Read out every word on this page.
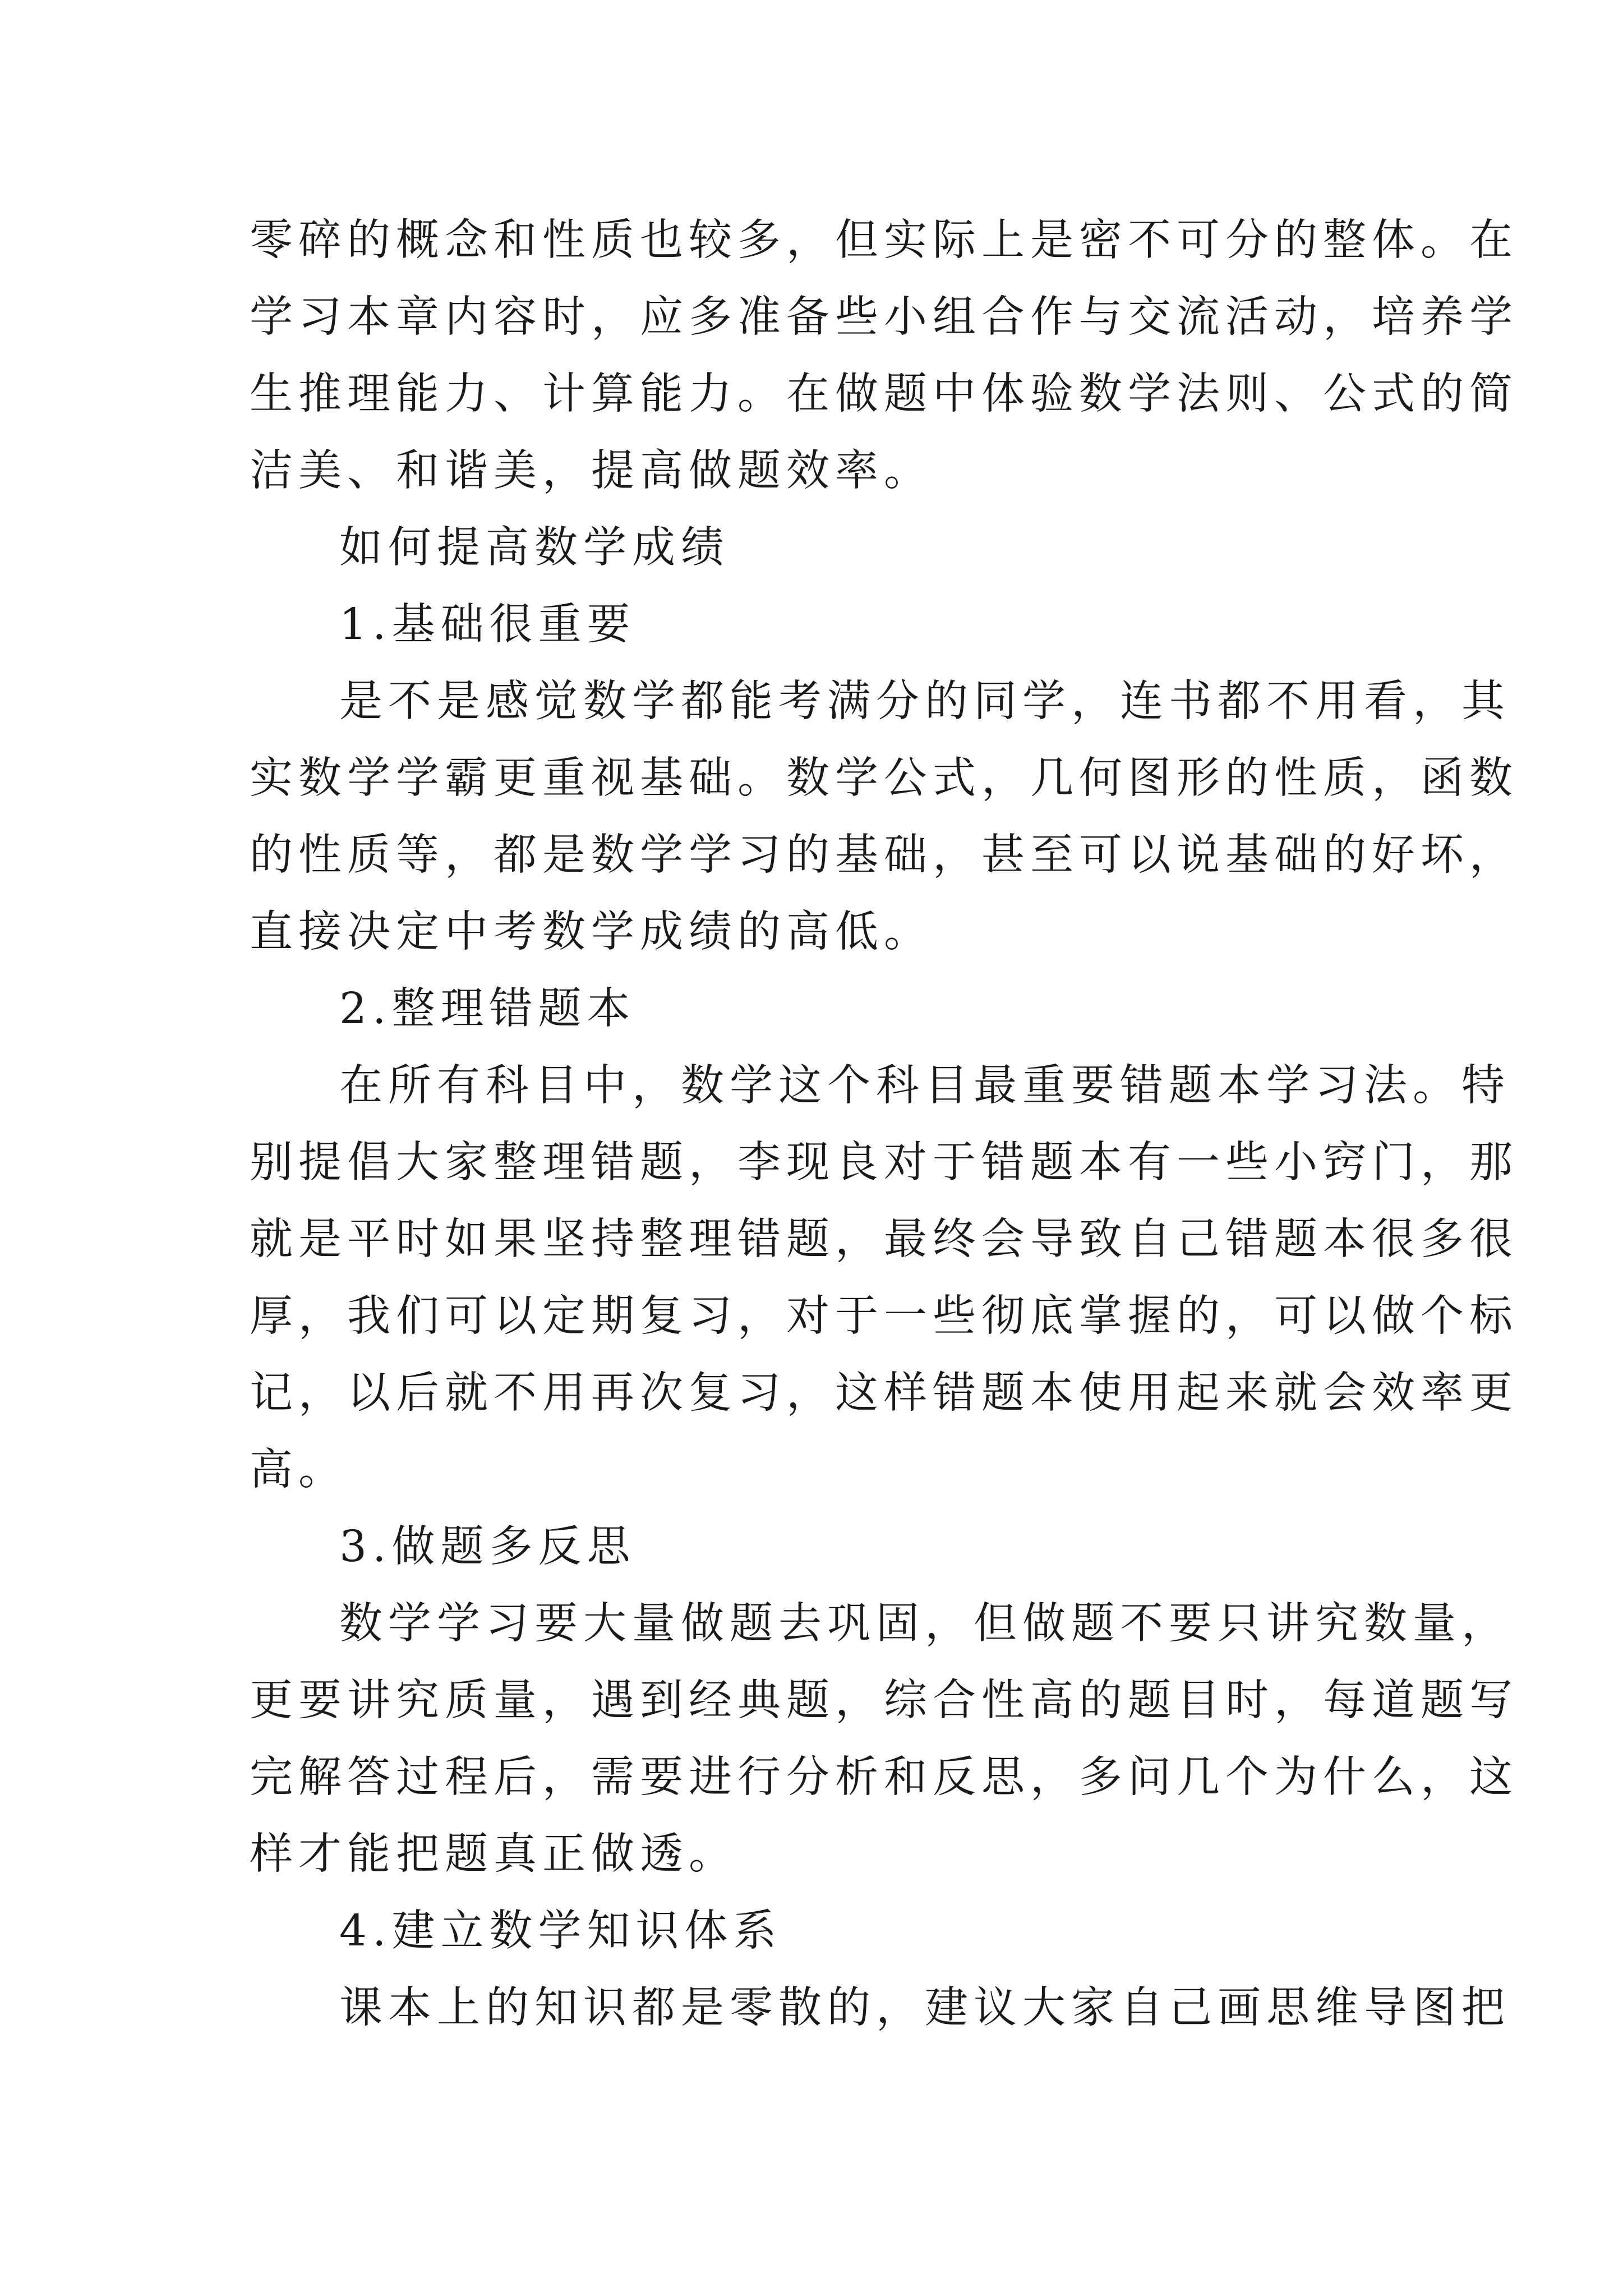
零碎的概念和性质也较多，但实际上是密不可分的整体。在
学习本章内容时，应多准备些小组合作与交流活动，培养学
生推理能力、计算能力。在做题中体验数学法则、公式的简
洁美、和谐美，提高做题效率。
如何提高数学成绩
1.基础很重要
是不是感觉数学都能考满分的同学，连书都不用看，其
实数学学霸更重视基础。数学公式，几何图形的性质，函数
的性质等，都是数学学习的基础，甚至可以说基础的好坏，
直接决定中考数学成绩的高低。
2.整理错题本
在所有科目中，数学这个科目最重要错题本学习法。特
别提倡大家整理错题，李现良对于错题本有一些小窍门，那
就是平时如果坚持整理错题，最终会导致自己错题本很多很
厚，我们可以定期复习，对于一些彻底掌握的，可以做个标
记，以后就不用再次复习，这样错题本使用起来就会效率更
高。
3.做题多反思
数学学习要大量做题去巩固，但做题不要只讲究数量，
更要讲究质量，遇到经典题，综合性高的题目时，每道题写
完解答过程后，需要进行分析和反思，多问几个为什么，这
样才能把题真正做透。
4.建立数学知识体系
课本上的知识都是零散的，建议大家自己画思维导图把
